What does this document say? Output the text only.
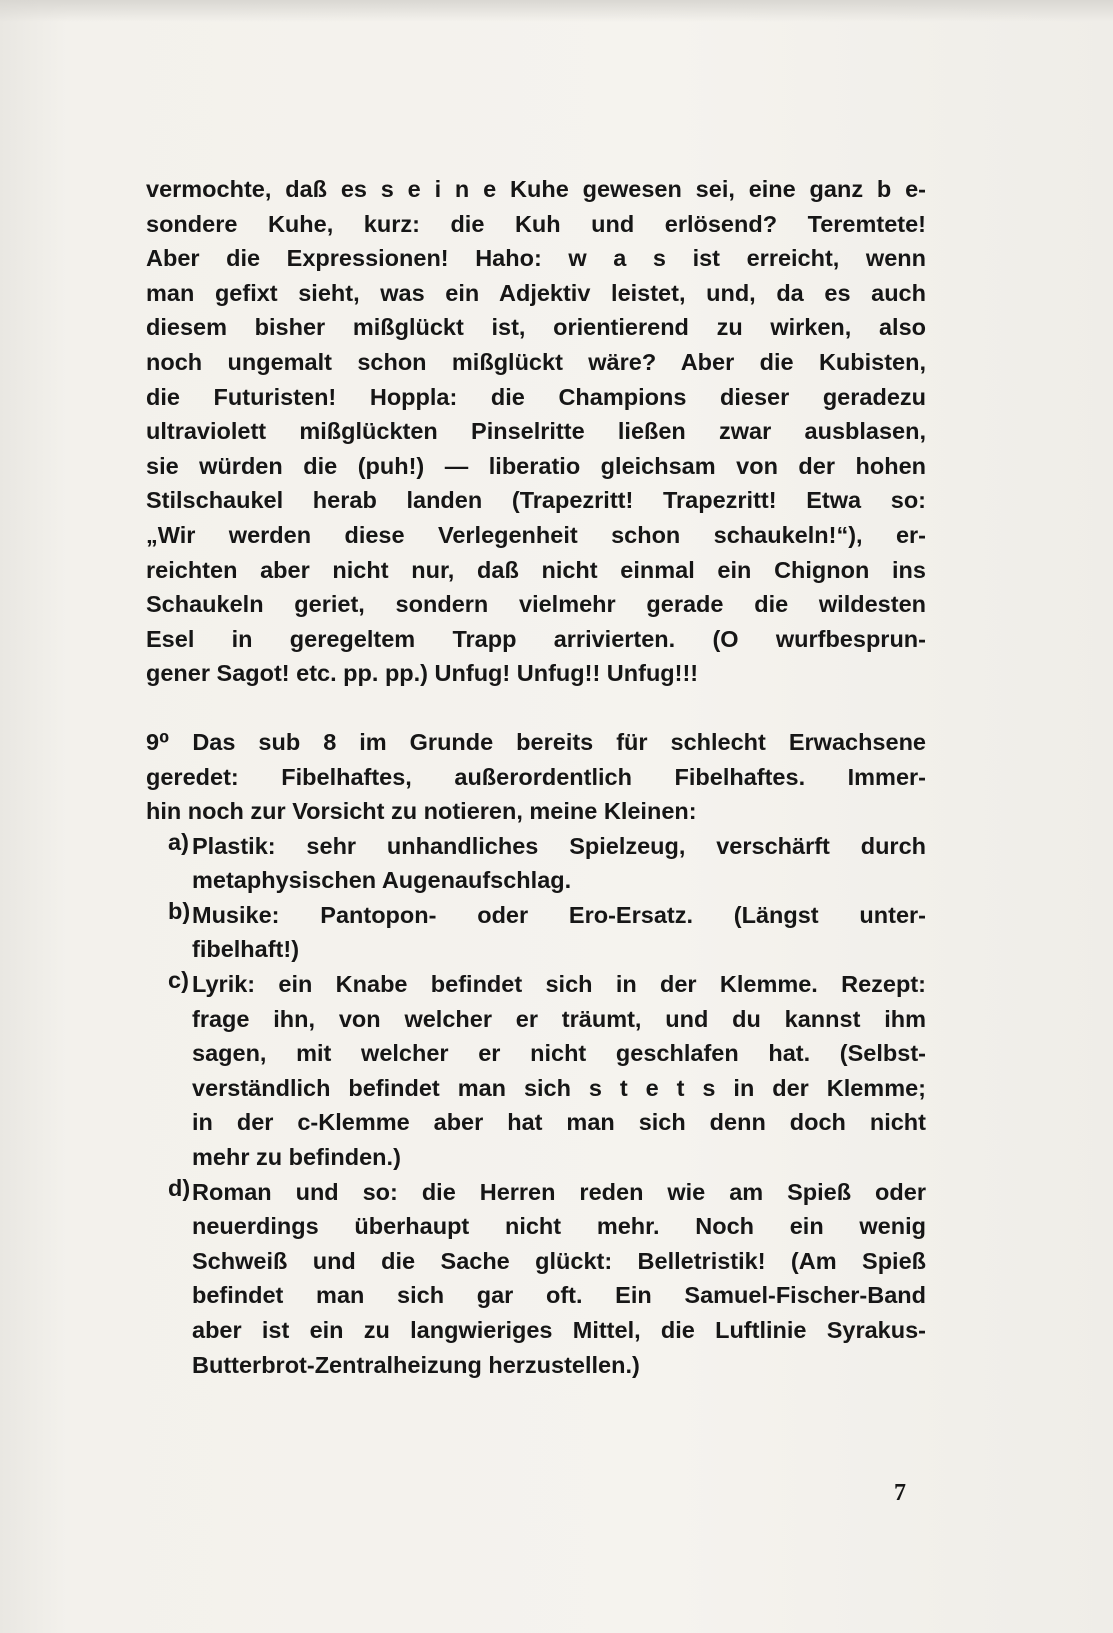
vermochte, daß es s e i n e Kuhe gewesen sei, eine ganz b e-
sondere Kuhe, kurz: die Kuh und erlösend? Teremtete!
Aber die Expressionen! Haho: w a s ist erreicht, wenn
man gefixt sieht, was ein Adjektiv leistet, und, da es auch
diesem bisher mißglückt ist, orientierend zu wirken, also
noch ungemalt schon mißglückt wäre? Aber die Kubisten,
die Futuristen! Hoppla: die Champions dieser geradezu
ultraviolett mißglückten Pinselritte ließen zwar ausblasen,
sie würden die (puh!) — liberatio gleichsam von der hohen
Stilschaukel herab landen (Trapezritt! Trapezritt! Etwa so:
„Wir werden diese Verlegenheit schon schaukeln!“), er-
reichten aber nicht nur, daß nicht einmal ein Chignon ins
Schaukeln geriet, sondern vielmehr gerade die wildesten
Esel in geregeltem Trapp arrivierten. (O wurfbesprun-
gener Sagot! etc. pp. pp.) Unfug! Unfug!! Unfug!!!
9⁰ Das sub 8 im Grunde bereits für schlecht Erwachsene
geredet: Fibelhaftes, außerordentlich Fibelhaftes. Immer-
hin noch zur Vorsicht zu notieren, meine Kleinen:
a) Plastik: sehr unhandliches Spielzeug, verschärft durch
metaphysischen Augenaufschlag.
b) Musike: Pantopon- oder Ero-Ersatz. (Längst unter-
fibelhaft!)
c) Lyrik: ein Knabe befindet sich in der Klemme. Rezept:
frage ihn, von welcher er träumt, und du kannst ihm
sagen, mit welcher er nicht geschlafen hat. (Selbst-
verständlich befindet man sich s t e t s in der Klemme;
in der c-Klemme aber hat man sich denn doch nicht
mehr zu befinden.)
d) Roman und so: die Herren reden wie am Spieß oder
neuerdings überhaupt nicht mehr. Noch ein wenig
Schweiß und die Sache glückt: Belletristik! (Am Spieß
befindet man sich gar oft. Ein Samuel-Fischer-Band
aber ist ein zu langwieriges Mittel, die Luftlinie Syrakus-
Butterbrot-Zentralheizung herzustellen.)
7
